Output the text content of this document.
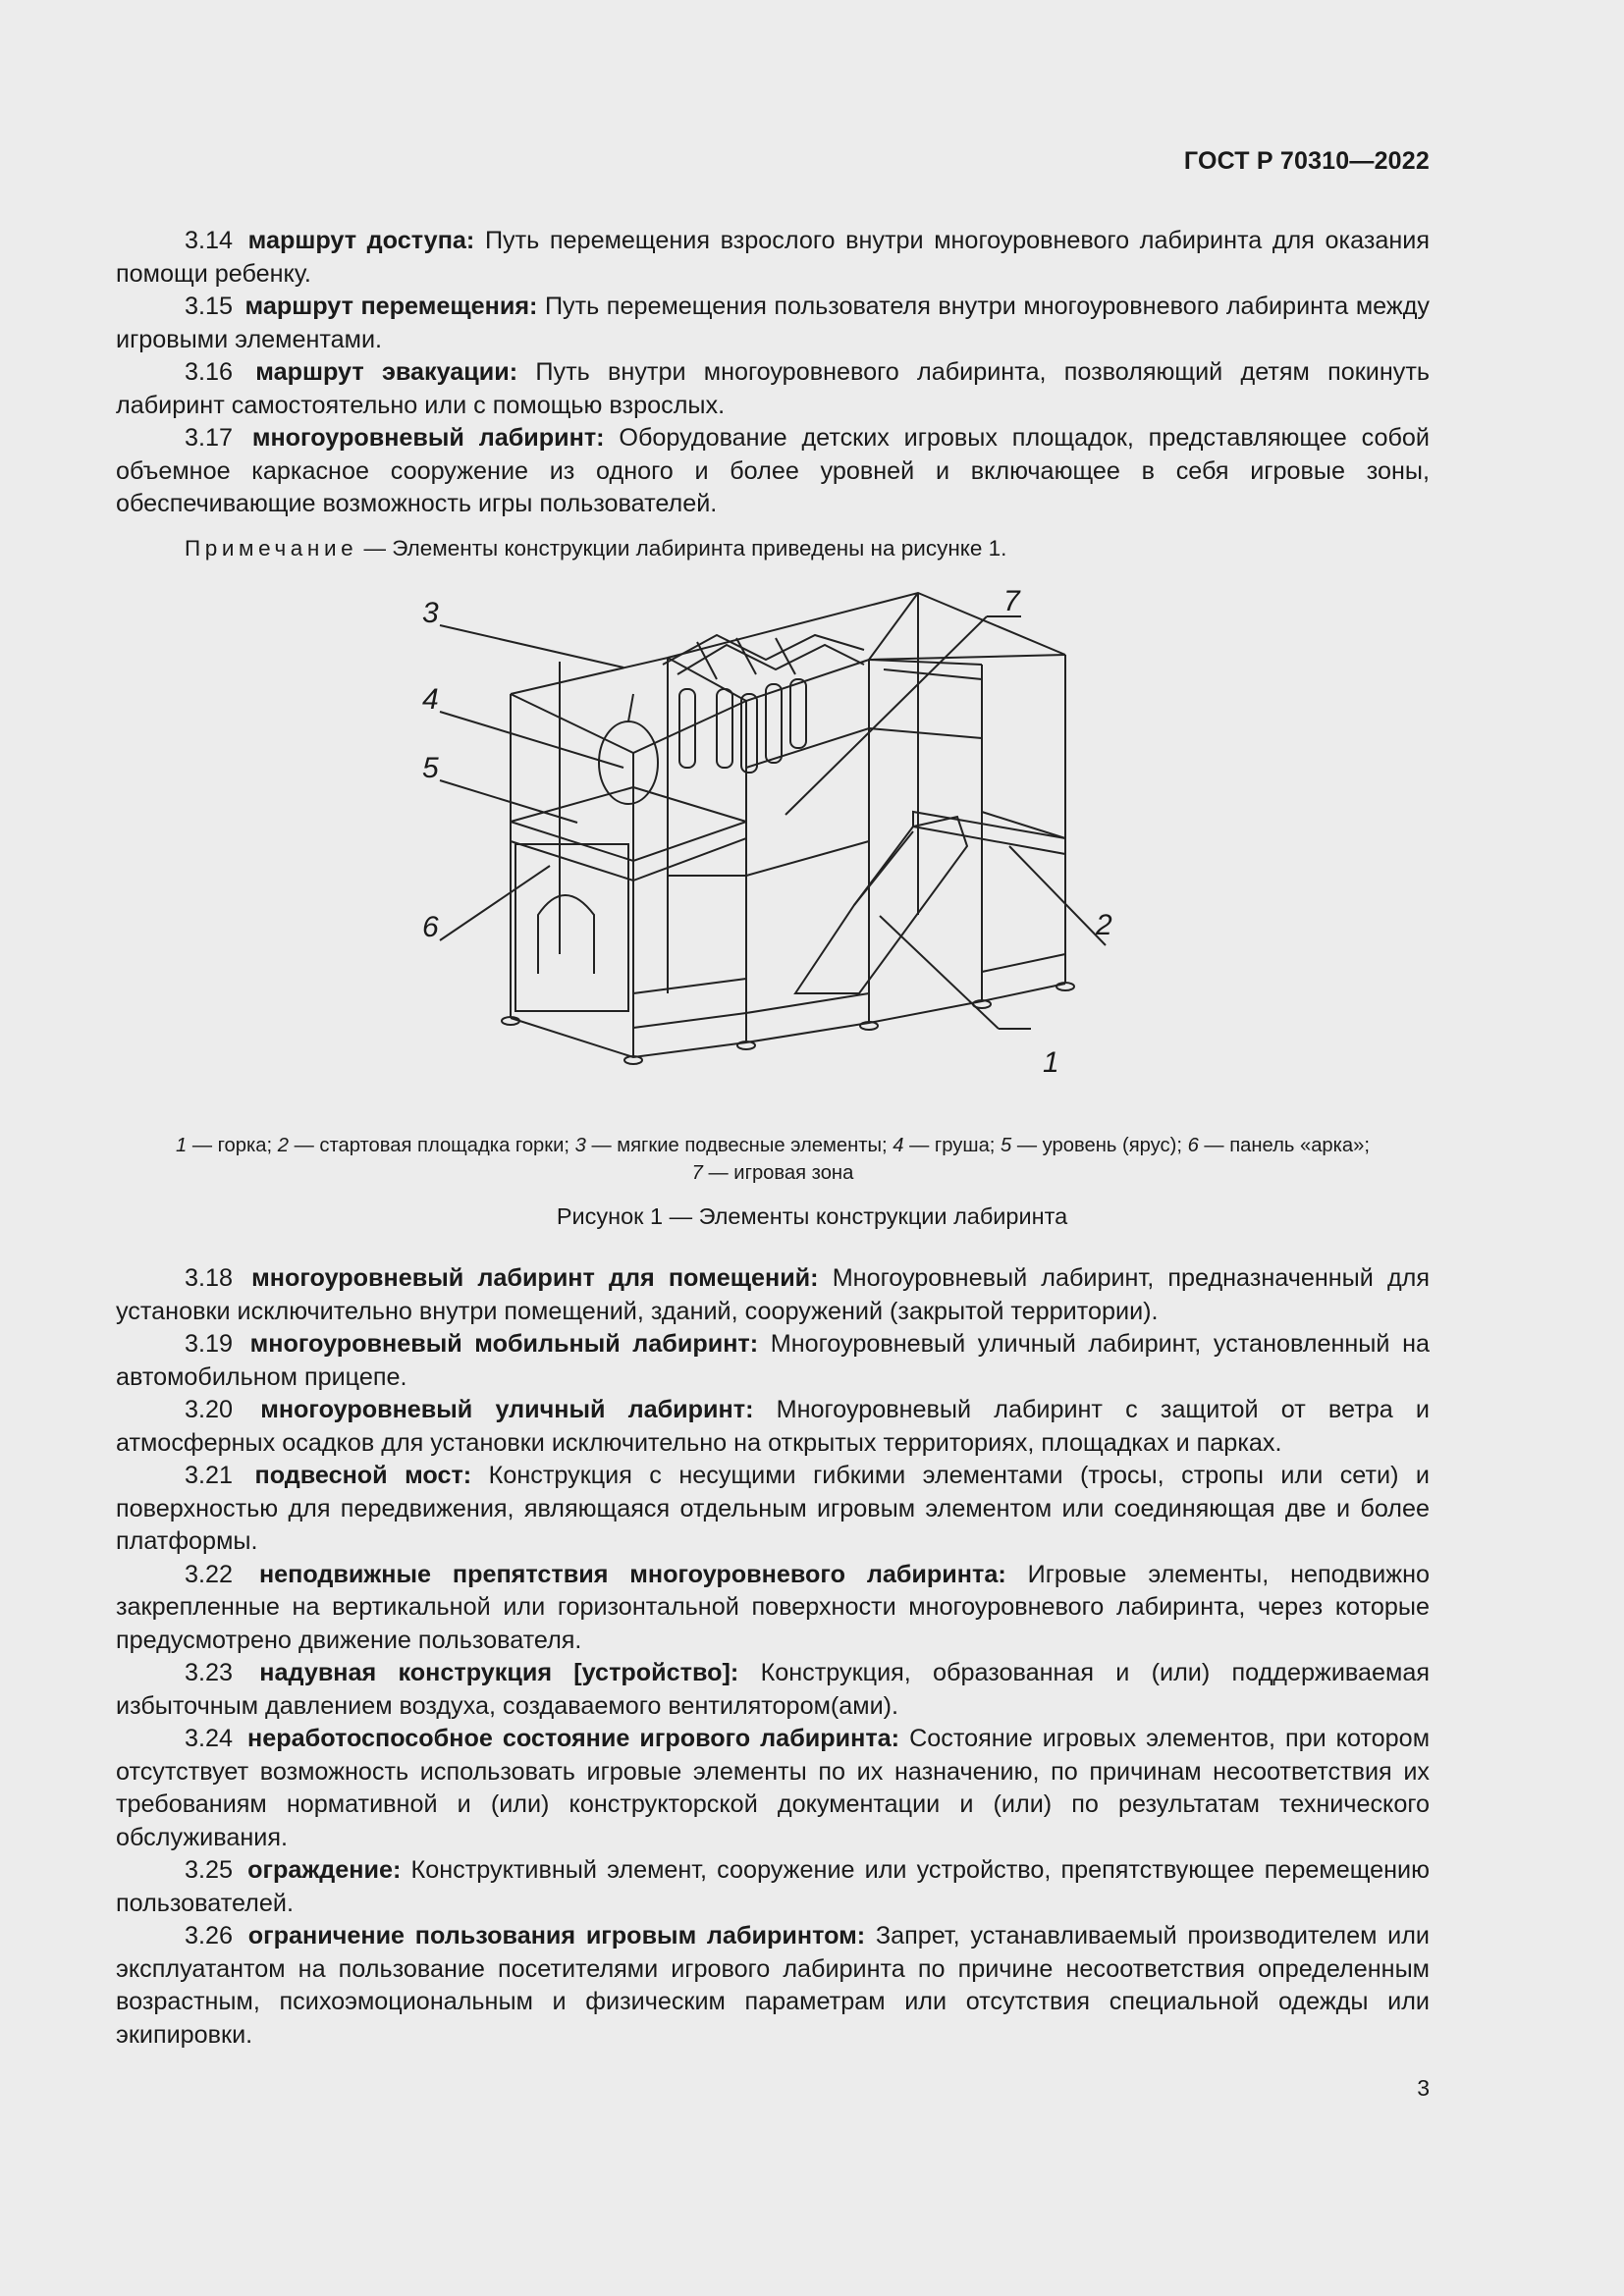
ГОСТ Р 70310—2022

3.14 маршрут доступа: Путь перемещения взрослого внутри многоуровневого лабиринта для оказания помощи ребенку.

3.15 маршрут перемещения: Путь перемещения пользователя внутри многоуровневого лабиринта между игровыми элементами.

3.16 маршрут эвакуации: Путь внутри многоуровневого лабиринта, позволяющий детям покинуть лабиринт самостоятельно или с помощью взрослых.

3.17 многоуровневый лабиринт: Оборудование детских игровых площадок, представляющее собой объемное каркасное сооружение из одного и более уровней и включающее в себя игровые зоны, обеспечивающие возможность игры пользователей.

Примечание — Элементы конструкции лабиринта приведены на рисунке 1.
3
4
5
6
7
2
1
1 — горка; 2 — стартовая площадка горки; 3 — мягкие подвесные элементы; 4 — груша; 5 — уровень (ярус); 6 — панель «арка»;
7 — игровая зона
Рисунок 1 — Элементы конструкции лабиринта

3.18 многоуровневый лабиринт для помещений: Многоуровневый лабиринт, предназначенный для установки исключительно внутри помещений, зданий, сооружений (закрытой территории).

3.19 многоуровневый мобильный лабиринт: Многоуровневый уличный лабиринт, установленный на автомобильном прицепе.

3.20 многоуровневый уличный лабиринт: Многоуровневый лабиринт с защитой от ветра и атмосферных осадков для установки исключительно на открытых территориях, площадках и парках.

3.21 подвесной мост: Конструкция с несущими гибкими элементами (тросы, стропы или сети) и поверхностью для передвижения, являющаяся отдельным игровым элементом или соединяющая две и более платформы.

3.22 неподвижные препятствия многоуровневого лабиринта: Игровые элементы, неподвижно закрепленные на вертикальной или горизонтальной поверхности многоуровневого лабиринта, через которые предусмотрено движение пользователя.

3.23 надувная конструкция [устройство]: Конструкция, образованная и (или) поддерживаемая избыточным давлением воздуха, создаваемого вентилятором(ами).

3.24 неработоспособное состояние игрового лабиринта: Состояние игровых элементов, при котором отсутствует возможность использовать игровые элементы по их назначению, по причинам несоответствия их требованиям нормативной и (или) конструкторской документации и (или) по результатам технического обслуживания.

3.25 ограждение: Конструктивный элемент, сооружение или устройство, препятствующее перемещению пользователей.

3.26 ограничение пользования игровым лабиринтом: Запрет, устанавливаемый производителем или эксплуатантом на пользование посетителями игрового лабиринта по причине несоответствия определенным возрастным, психоэмоциональным и физическим параметрам или отсутствия специальной одежды или экипировки.

3
